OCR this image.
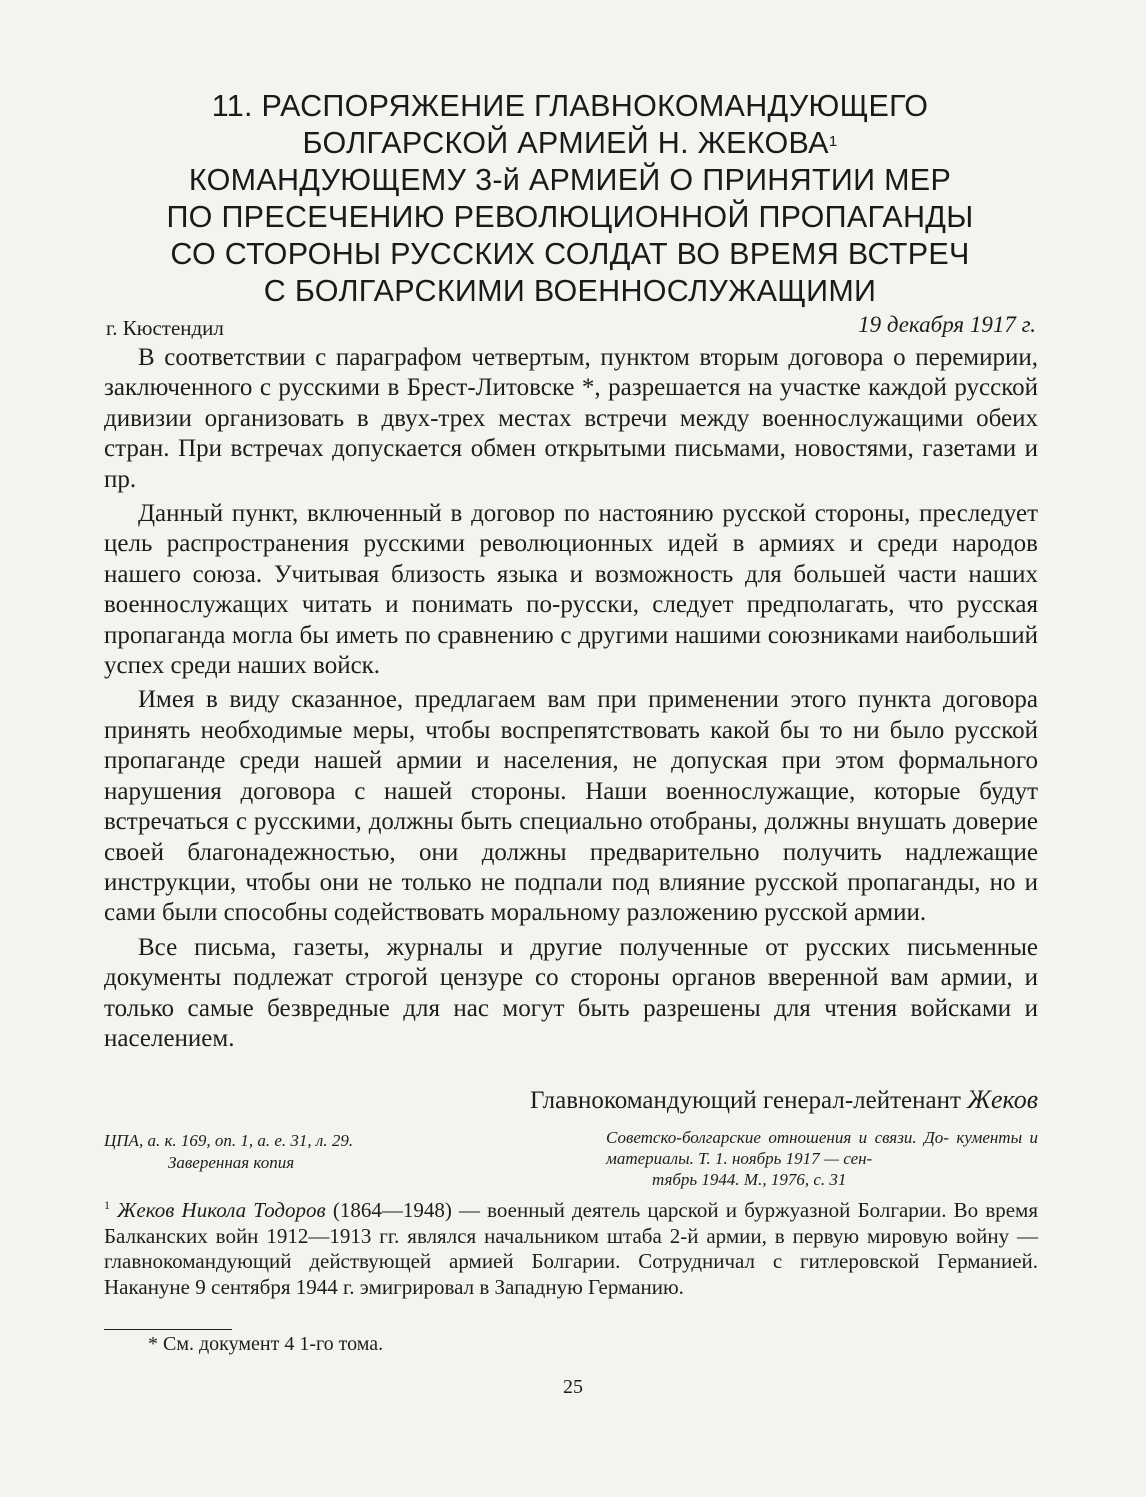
11. РАСПОРЯЖЕНИЕ ГЛАВНОКОМАНДУЮЩЕГО
БОЛГАРСКОЙ АРМИЕЙ Н. ЖЕКОВА$^1$
КОМАНДУЮЩЕМУ 3-й АРМИЕЙ О ПРИНЯТИИ МЕР
ПО ПРЕСЕЧЕНИЮ РЕВОЛЮЦИОННОЙ ПРОПАГАНДЫ
СО СТОРОНЫ РУССКИХ СОЛДАТ ВО ВРЕМЯ ВСТРЕЧ
С БОЛГАРСКИМИ ВОЕННОСЛУЖАЩИМИ
г. Кюстендил	19 декабря 1917 г.

В соответствии с параграфом четвертым, пунктом вторым договора о перемирии, заключенного с русскими в Брест-Литовске *, разрешается на участке каждой русской дивизии организовать в двух-трех местах встречи между военнослужащими обеих стран. При встречах допускается обмен открытыми письмами, новостями, газетами и пр.

Данный пункт, включенный в договор по настоянию русской стороны, преследует цель распространения русскими революционных идей в армиях и среди народов нашего союза. Учитывая близость языка и возможность для большей части наших военнослужащих читать и понимать по-русски, следует предполагать, что русская пропаганда могла бы иметь по сравнению с другими нашими союзниками наибольший успех среди наших войск.

Имея в виду сказанное, предлагаем вам при применении этого пункта договора принять необходимые меры, чтобы воспрепятствовать какой бы то ни было русской пропаганде среди нашей армии и населения, не допуская при этом формального нарушения договора с нашей стороны. Наши военнослужащие, которые будут встречаться с русскими, должны быть специально отобраны, должны внушать доверие своей благонадежностью, они должны предварительно получить надлежащие инструкции, чтобы они не только не подпали под влияние русской пропаганды, но и сами были способны содействовать моральному разложению русской армии.

Все письма, газеты, журналы и другие полученные от русских письменные документы подлежат строгой цензуре со стороны органов вверенной вам армии, и только самые безвредные для нас могут быть разрешены для чтения войсками и населением.

Главнокомандующий генерал-лейтенант Жеков
ЦПА, а. к. 169, оп. 1, а. е. 31, л. 29.
Заверенная копия
Советско-болгарские отношения и связи. До- кументы и материалы. Т. 1. ноябрь 1917 — сен-
тябрь 1944. М., 1976, с. 31
$^1$ Жеков Никола Тодоров (1864—1948) — военный деятель царской и буржуазной Болгарии. Во время Балканских войн 1912—1913 гг. являлся начальником штаба 2-й армии, в первую мировую войну — главнокомандующий действующей армией Болгарии. Сотрудничал с гитлеровской Германией. Накануне 9 сентября 1944 г. эмигрировал в Западную Германию.
* См. документ 4 1-го тома.
25
